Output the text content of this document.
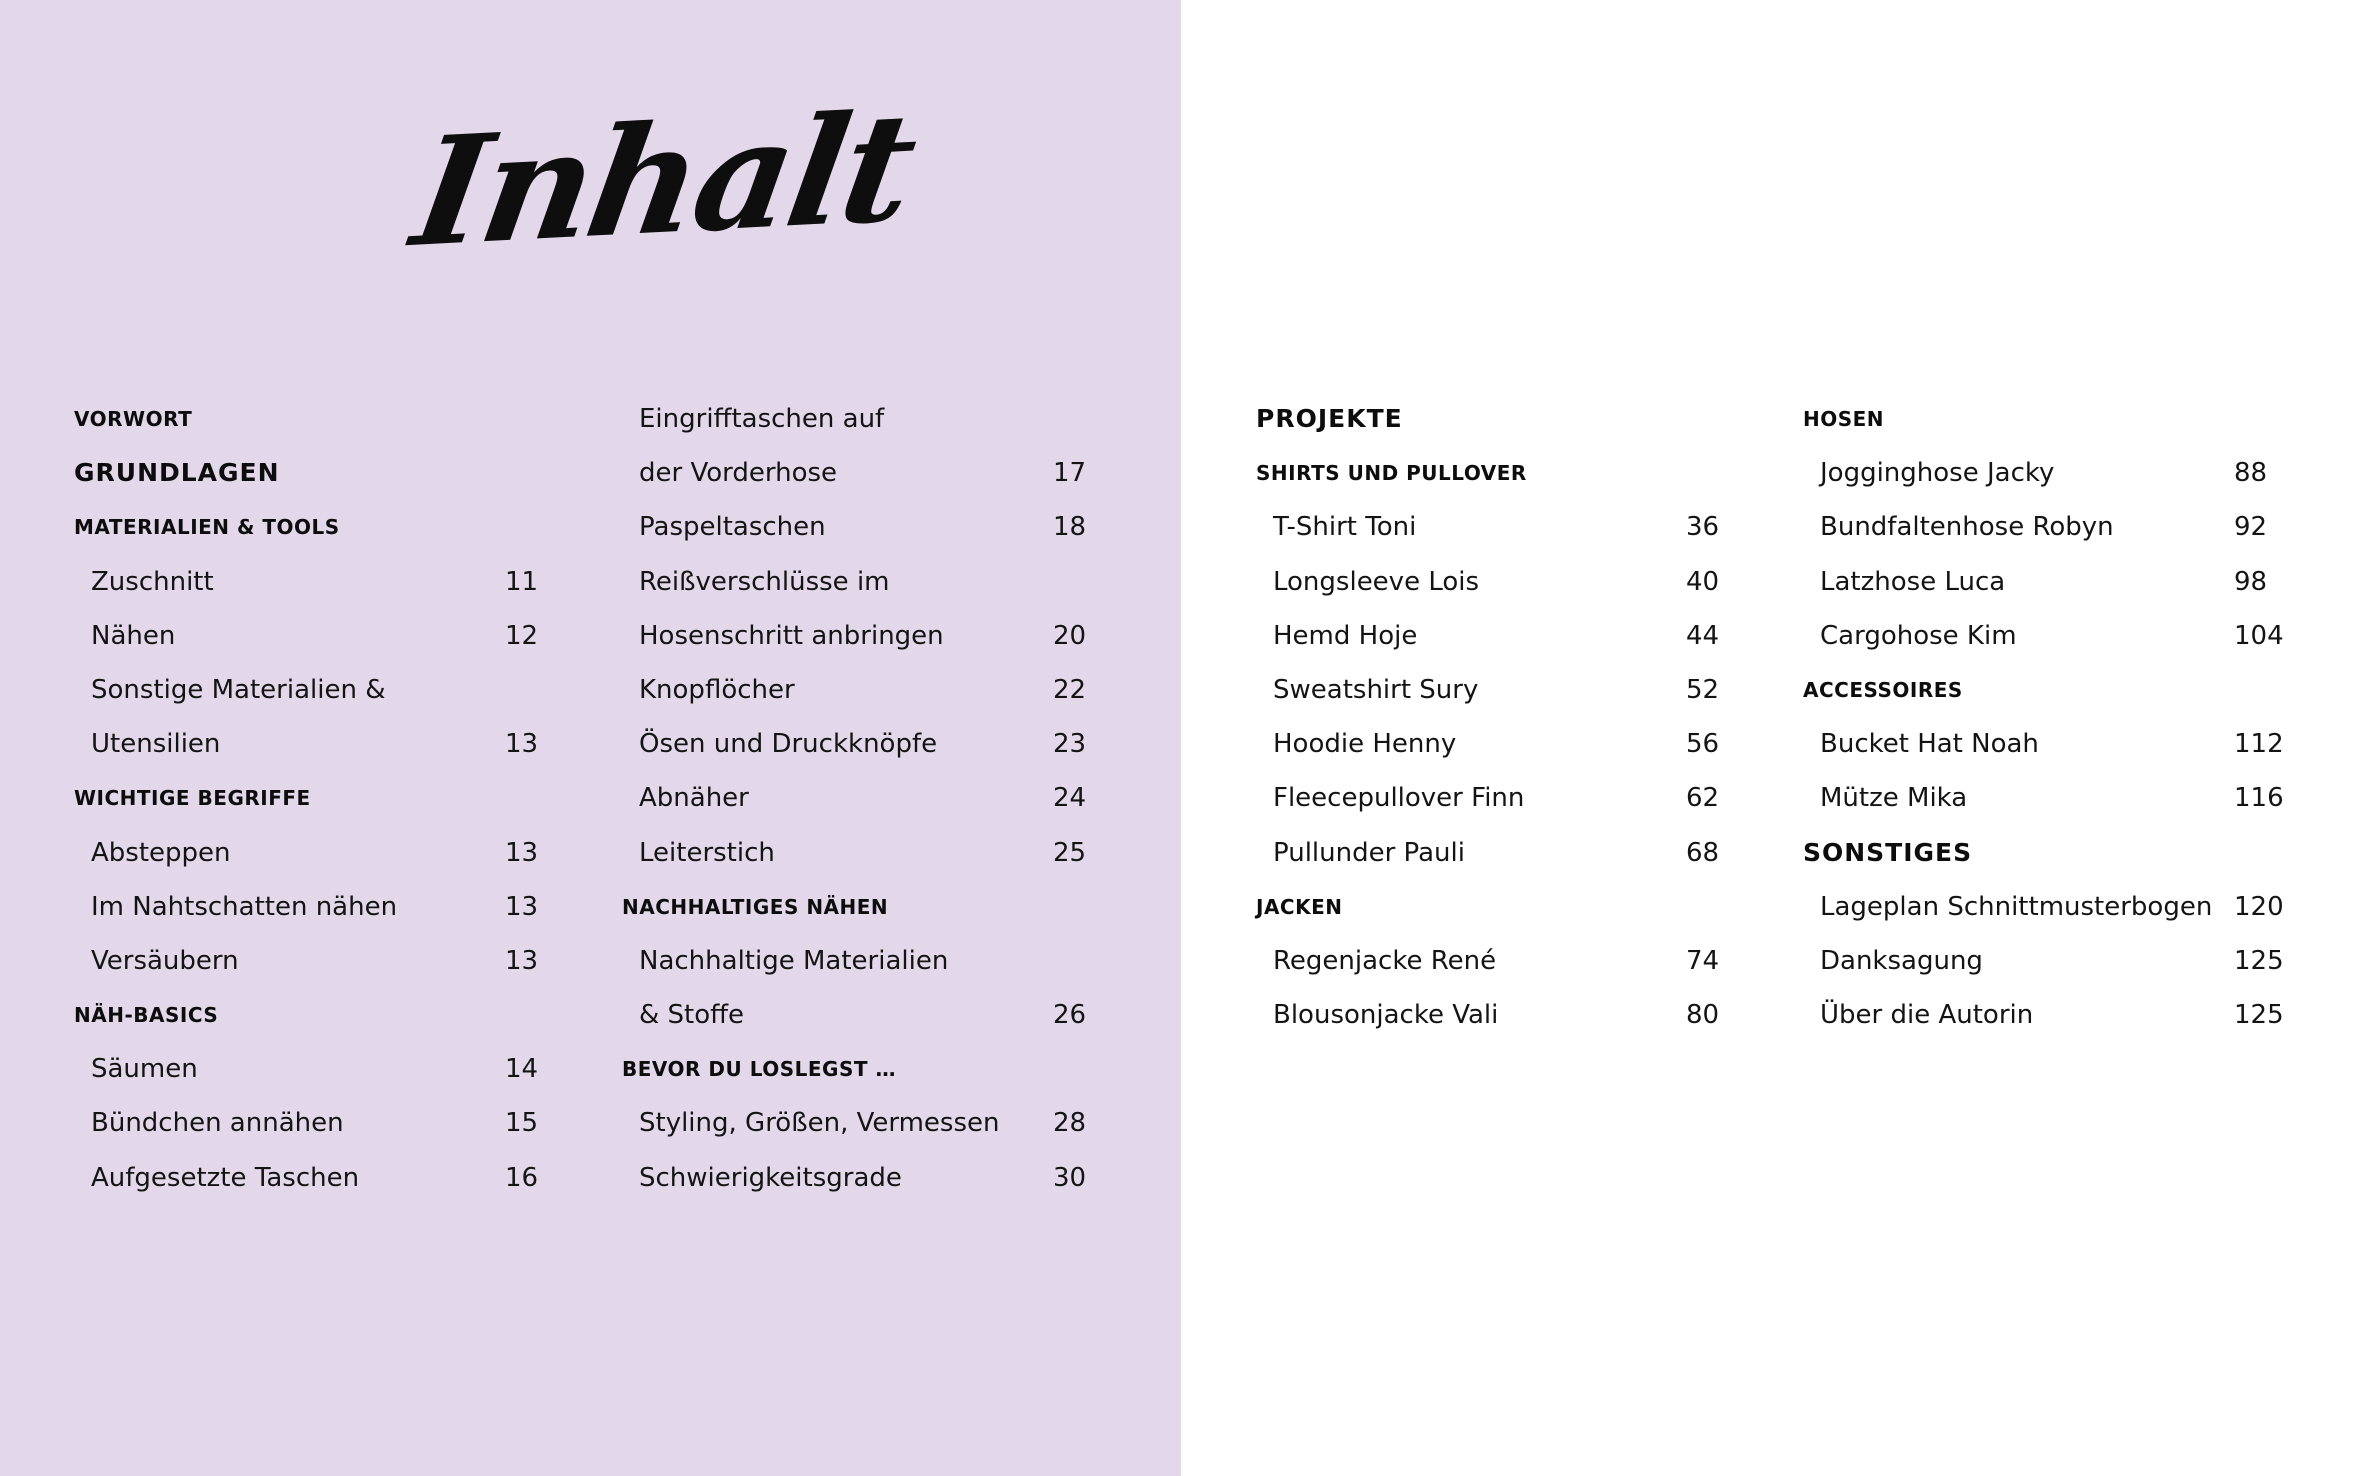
Inhalt
VORWORT
GRUNDLAGEN
MATERIALIEN & TOOLS
Zuschnitt	11
Nähen	12
Sonstige Materialien &
Utensilien	13
WICHTIGE BEGRIFFE
Absteppen	13
Im Nahtschatten nähen	13
Versäubern	13
NÄH-BASICS
Säumen	14
Bündchen annähen	15
Aufgesetzte Taschen	16
Eingrifftaschen auf
der Vorderhose	17
Paspeltaschen	18
Reißverschlüsse im
Hosenschritt anbringen	20
Knopflöcher	22
Ösen und Druckknöpfe	23
Abnäher	24
Leiterstich	25
NACHHALTIGES NÄHEN
Nachhaltige Materialien
& Stoffe	26
BEVOR DU LOSLEGST …
Styling, Größen, Vermessen 28
Schwierigkeitsgrade	30
PROJEKTE
SHIRTS UND PULLOVER
T-Shirt Toni	36
Longsleeve Lois	40
Hemd Hoje	44
Sweatshirt Sury	52
Hoodie Henny	56
Fleecepullover Finn	62
Pullunder Pauli	68
JACKEN
Regenjacke René	74
Blousonjacke Vali	80
HOSEN
Jogginghose Jacky	88
Bundfaltenhose Robyn	92
Latzhose Luca	98
Cargohose Kim	104
ACCESSOIRES
Bucket Hat Noah	112
Mütze Mika	116
SONSTIGES
Lageplan Schnittmusterbogen 120
Danksagung	125
Über die Autorin	125
